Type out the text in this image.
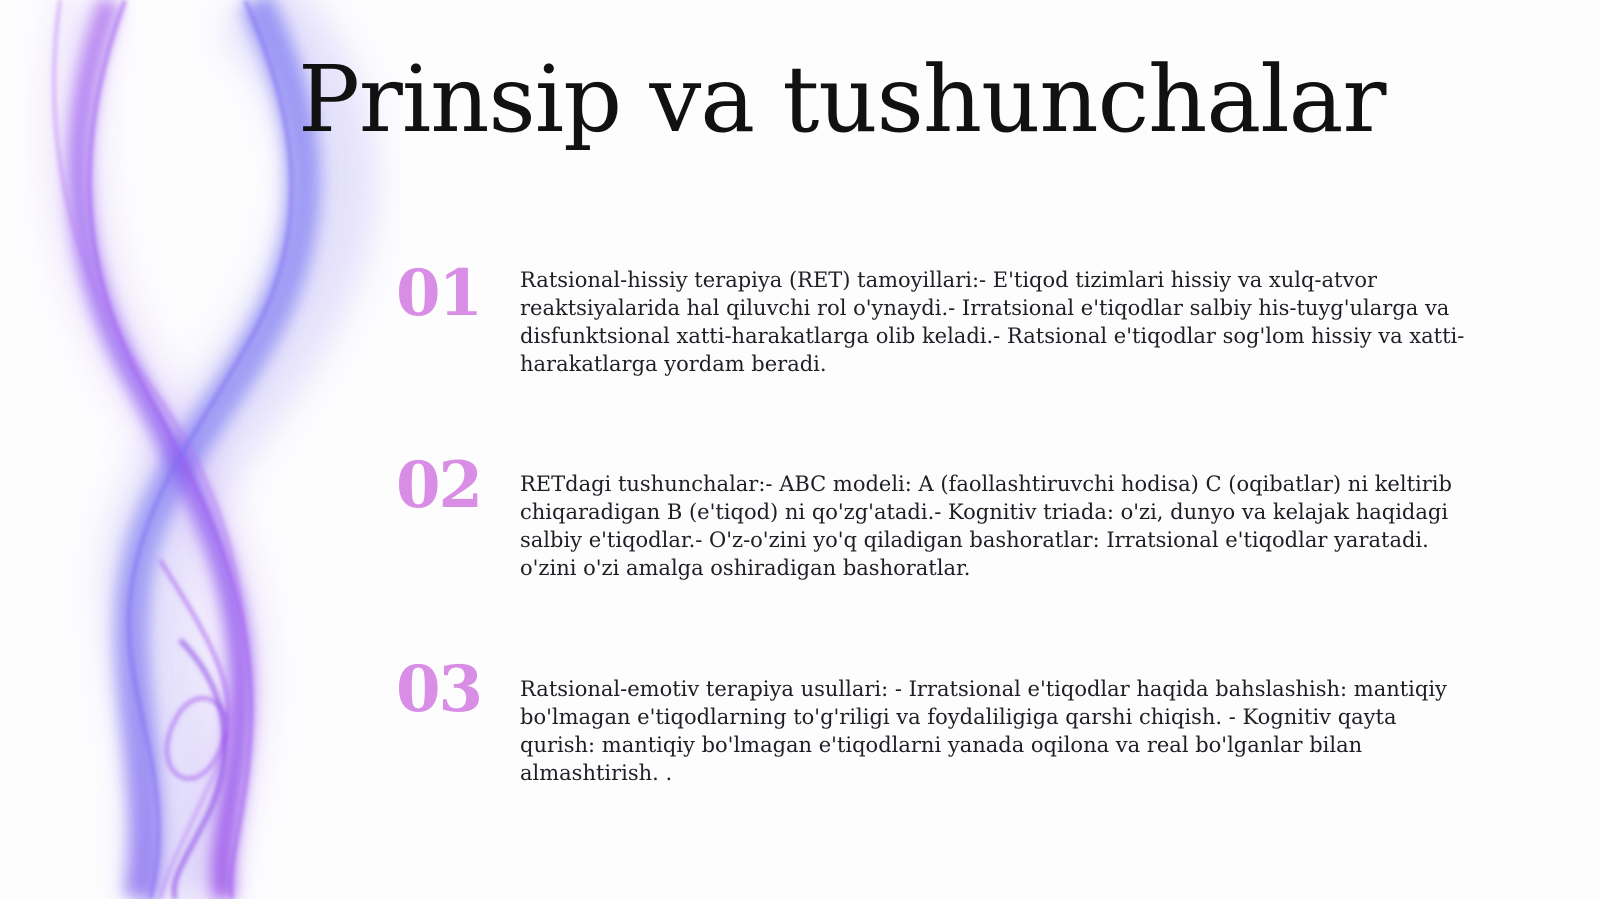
Prinsip va tushunchalar
01 Ratsional-hissiy terapiya (RET) tamoyillari:- E'tiqod tizimlari hissiy va xulq-atvor reaktsiyalarida hal qiluvchi rol o'ynaydi.- Irratsional e'tiqodlar salbiy his-tuyg'ularga va disfunktsional xatti-harakatlarga olib keladi.- Ratsional e'tiqodlar sog'lom hissiy va xatti-harakatlarga yordam beradi.

02 RETdagi tushunchalar:- ABC modeli: A (faollashtiruvchi hodisa) C (oqibatlar) ni keltirib chiqaradigan B (e'tiqod) ni qo'zg'atadi.- Kognitiv triada: o'zi, dunyo va kelajak haqidagi salbiy e'tiqodlar.- O'z-o'zini yo'q qiladigan bashoratlar: Irratsional e'tiqodlar yaratadi. o'zini o'zi amalga oshiradigan bashoratlar.

03 Ratsional-emotiv terapiya usullari: - Irratsional e'tiqodlar haqida bahslashish: mantiqiy bo'lmagan e'tiqodlarning to'g'riligi va foydaliligiga qarshi chiqish. - Kognitiv qayta qurish: mantiqiy bo'lmagan e'tiqodlarni yanada oqilona va real bo'lganlar bilan almashtirish. .
